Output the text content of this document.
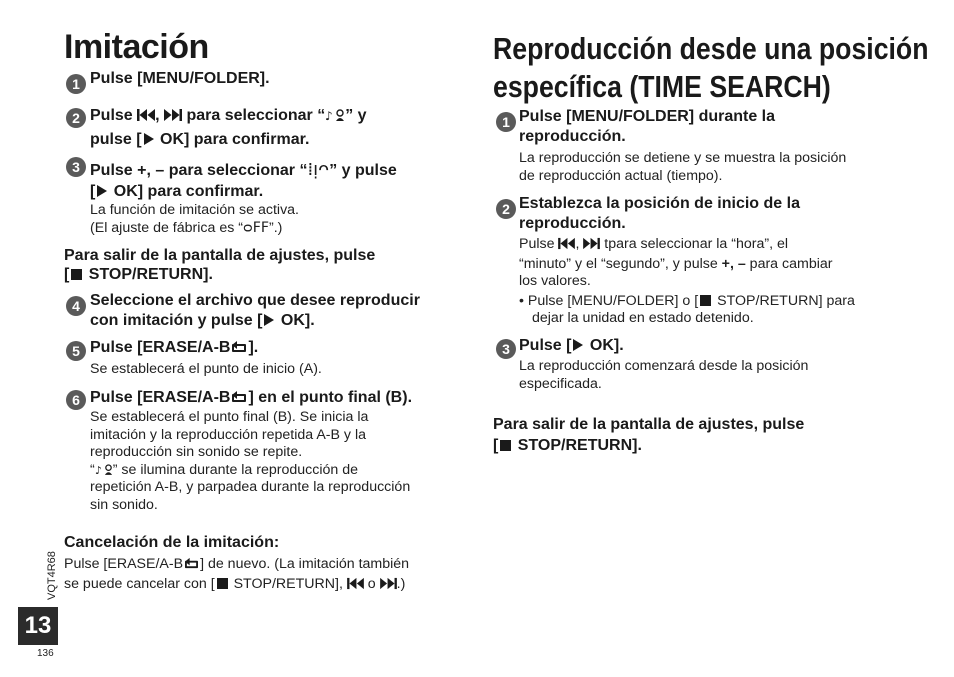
Imitación
1 Pulse [MENU/FOLDER].
2 Pulse ,  para seleccionar “ ♪ ” y
pulse [ OK] para confirmar.
3 Pulse +, – para seleccionar “⁞ᴉᴖ” y pulse
[ OK] para confirmar.
La función de imitación se activa.
(El ajuste de fábrica es “ᴑFF”.)
Para salir de la pantalla de ajustes, pulse
[ STOP/RETURN].
4 Seleccione el archivo que desee reproducir
con imitación y pulse [ OK].
5 Pulse [ERASE/A-B ].
Se establecerá el punto de inicio (A).
6 Pulse [ERASE/A-B ] en el punto final (B).
Se establecerá el punto final (B). Se inicia la
imitación y la reproducción repetida A-B y la
reproducción sin sonido se repite.
“ ♪ ” se ilumina durante la reproducción de
repetición A-B, y parpadea durante la reproducción
sin sonido.
Cancelación de la imitación:
Pulse [ERASE/A-B ] de nuevo. (La imitación también
se puede cancelar con [ STOP/RETURN],  o .)
Reproducción desde una posición
específica (TIME SEARCH)
1 Pulse [MENU/FOLDER] durante la
reproducción.
La reproducción se detiene y se muestra la posición
de reproducción actual (tiempo).
2 Establezca la posición de inicio de la
reproducción.
Pulse ,  tpara seleccionar la “hora”, el
“minuto” y el “segundo”, y pulse +, – para cambiar
los valores.
• Pulse [MENU/FOLDER] o [ STOP/RETURN] para
dejar la unidad en estado detenido.
3 Pulse [ OK].
La reproducción comenzará desde la posición
especificada.
Para salir de la pantalla de ajustes, pulse
[ STOP/RETURN].
VQT4R68
13
136
